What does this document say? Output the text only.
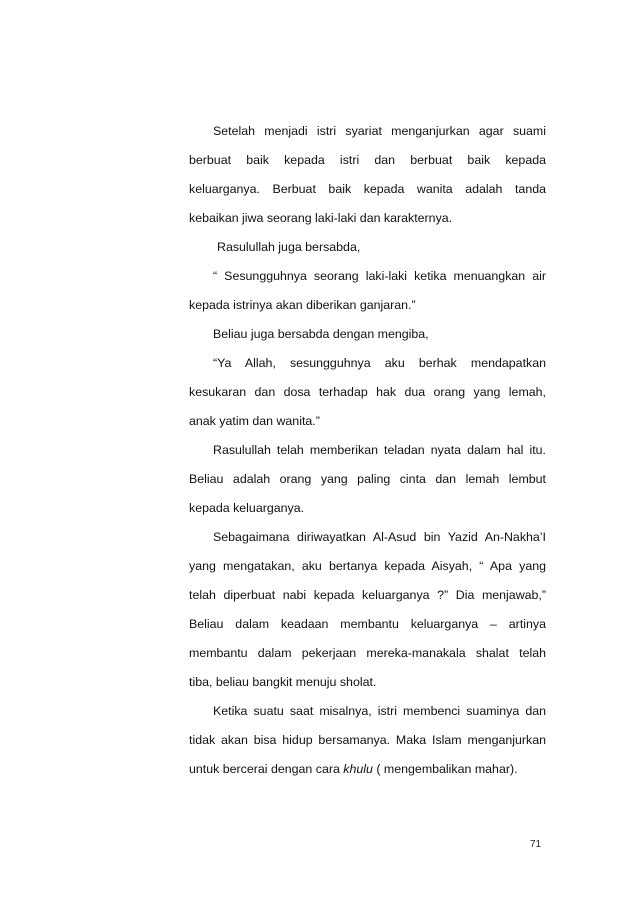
Setelah menjadi istri syariat menganjurkan agar suami
berbuat baik kepada istri dan berbuat baik kepada
keluarganya. Berbuat baik kepada wanita adalah tanda
kebaikan jiwa seorang laki-laki dan karakternya.
Rasulullah juga bersabda,
“ Sesungguhnya seorang laki-laki ketika menuangkan air
kepada istrinya akan diberikan ganjaran.”
Beliau juga bersabda dengan mengiba,
“Ya Allah, sesungguhnya aku berhak mendapatkan
kesukaran dan dosa terhadap hak dua orang yang lemah,
anak yatim dan wanita.”
Rasulullah telah memberikan teladan nyata dalam hal itu.
Beliau adalah orang yang paling cinta dan lemah lembut
kepada keluarganya.
Sebagaimana diriwayatkan Al-Asud bin Yazid An-Nakha’I
yang mengatakan, aku bertanya kepada Aisyah, “ Apa yang
telah diperbuat nabi kepada keluarganya ?” Dia menjawab,”
Beliau dalam keadaan membantu keluarganya – artinya
membantu dalam pekerjaan mereka-manakala shalat telah
tiba, beliau bangkit menuju sholat.
Ketika suatu saat misalnya, istri membenci suaminya dan
tidak akan bisa hidup bersamanya. Maka Islam menganjurkan
untuk bercerai dengan cara khulu ( mengembalikan mahar).
71
